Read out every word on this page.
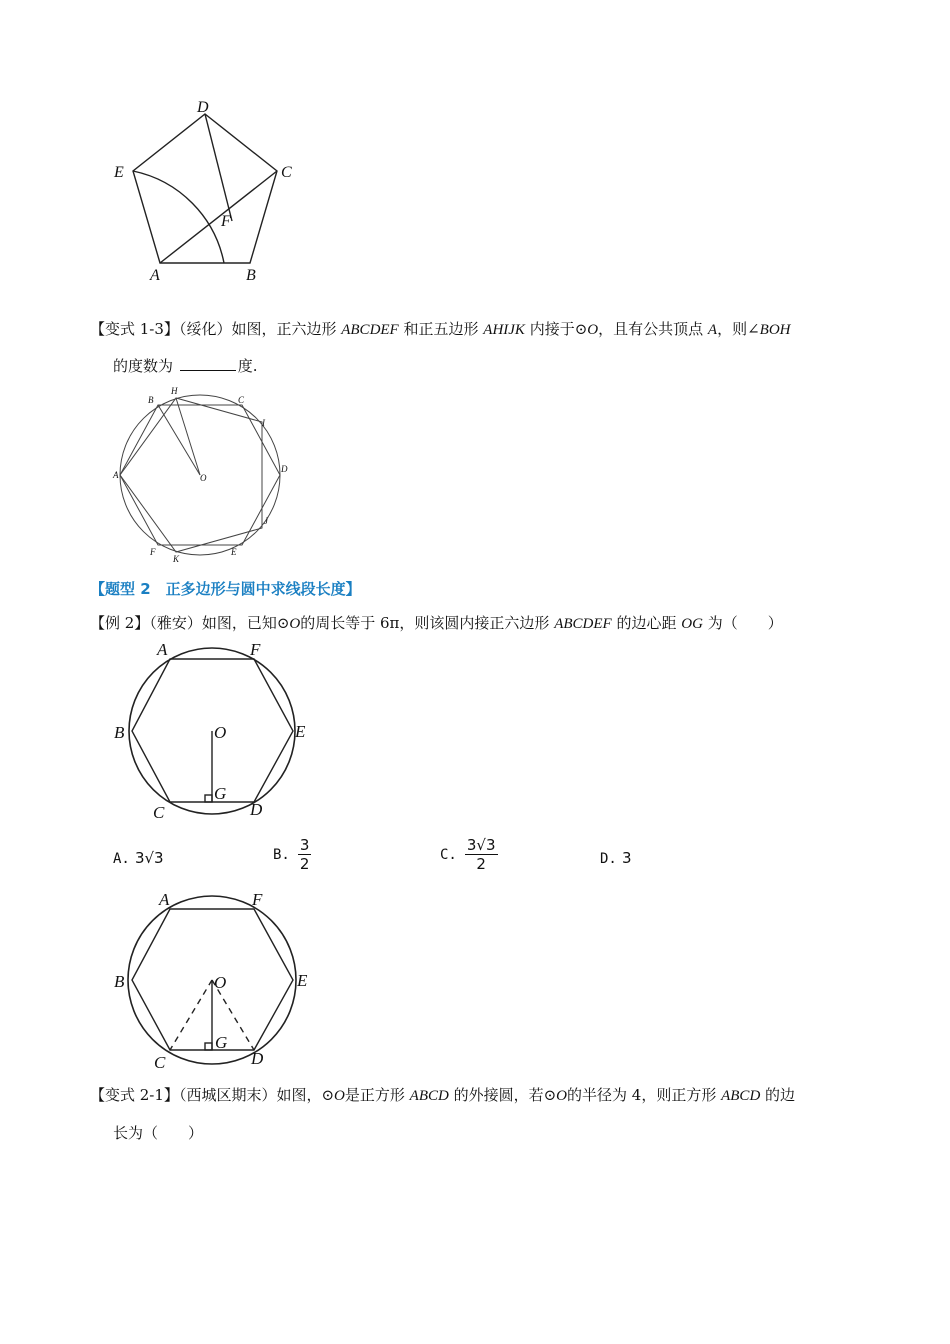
D
E	C
F
A	B
【变式 1-3】（绥化）如图，正六边形 ABCDEF 和正五边形 AHIJK 内接于⊙O，且有公共顶点 A，则∠BOH
的度数为	度.
H
B	C
I
A	O
D
J
F
K
E
【题型 2　正多边形与圆中求线段长度】
【例 2】（雅安）如图，已知⊙O的周长等于 6π，则该圆内接正六边形 ABCDEF 的边心距 OG 为（　　）
A	F
B	O	E
G
C	D
A. 3√3	B. $\frac{3}{2}$	C. $\frac{3√3}{2}$	D. 3
A	F
B	O	E
G
C	D
【变式 2-1】（西城区期末）如图，⊙O是正方形 ABCD 的外接圆，若⊙O的半径为 4，则正方形 ABCD 的边
长为（　　）
